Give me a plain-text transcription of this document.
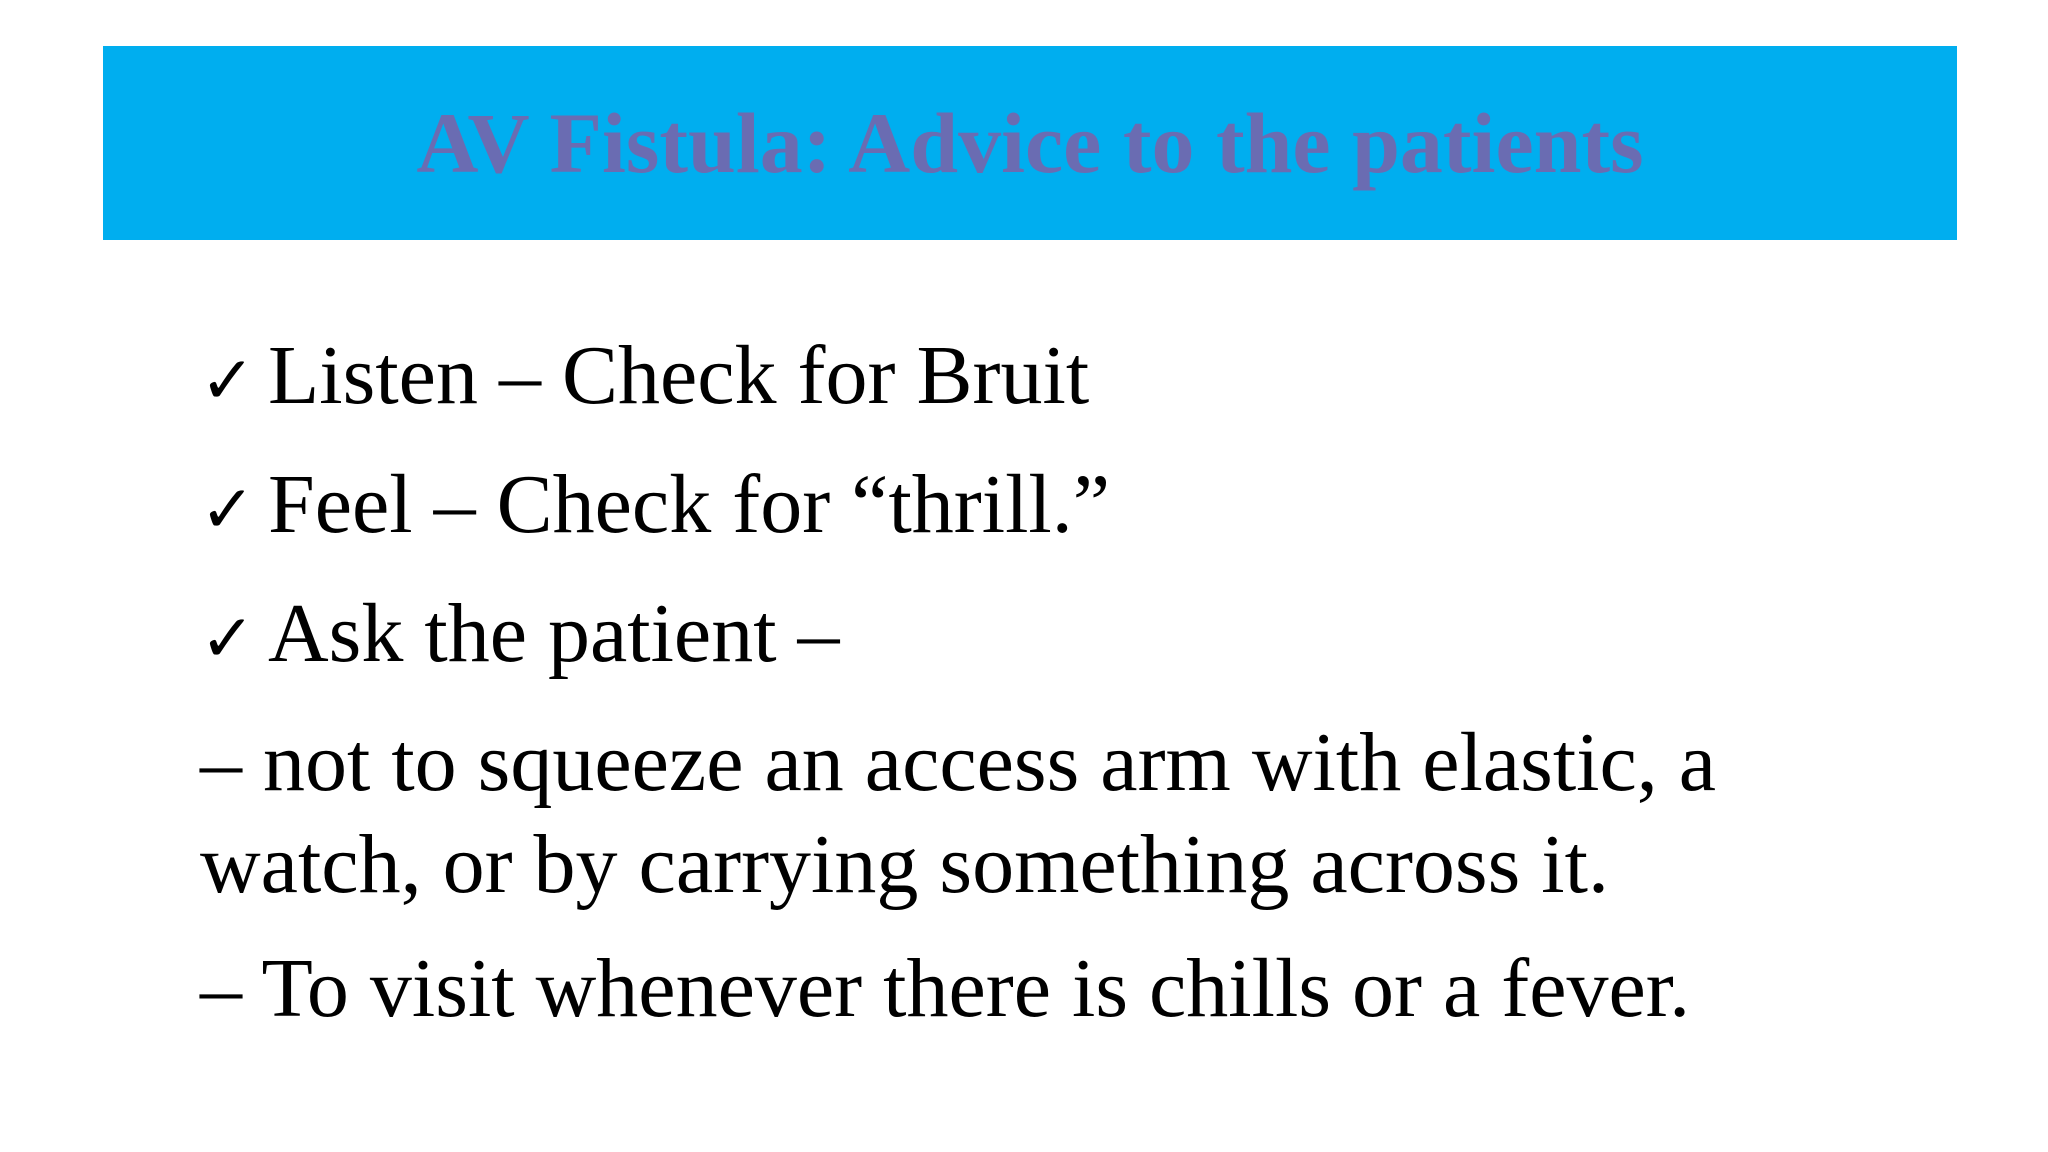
AV Fistula: Advice to the patients
✓ Listen – Check for Bruit
✓ Feel – Check for “thrill.”
✓ Ask the patient –
– not to squeeze an access arm with elastic, a
watch, or by carrying something across it.
– To visit whenever there is chills or a fever.
